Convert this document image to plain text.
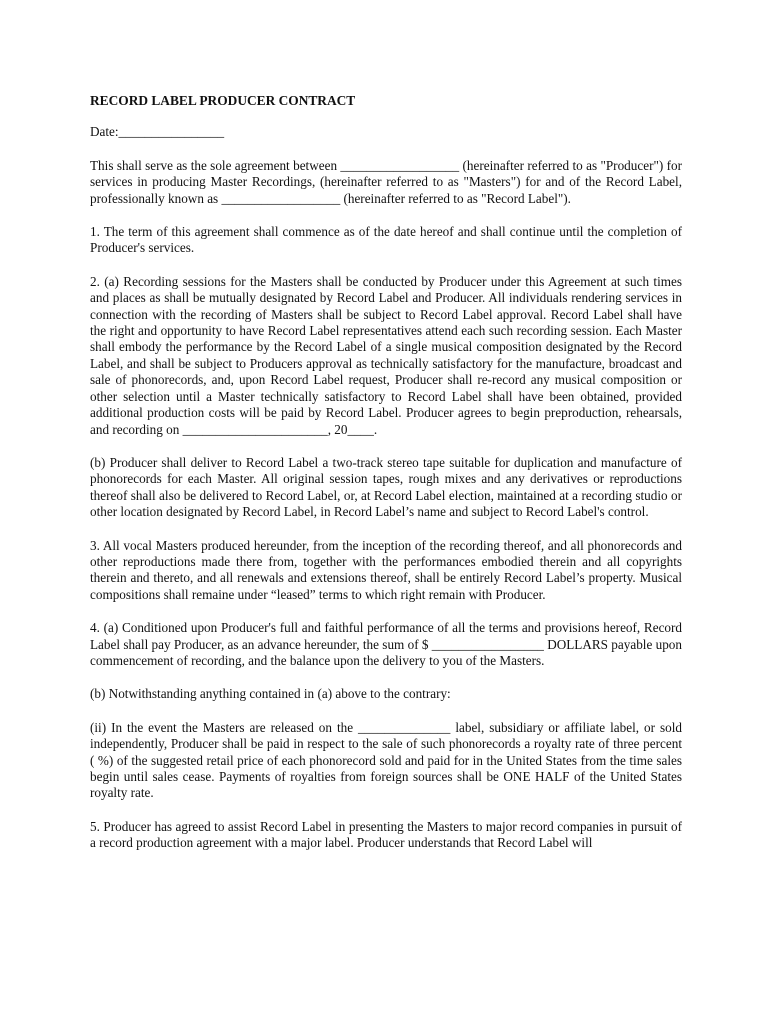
RECORD LABEL PRODUCER CONTRACT
Date:________________

This shall serve as the sole agreement between __________________ (hereinafter referred to as "Producer") for services in producing Master Recordings, (hereinafter referred to as "Masters") for and of the Record Label, professionally known as __________________ (hereinafter referred to as "Record Label").

1. The term of this agreement shall commence as of the date hereof and shall continue until the completion of Producer's services.

2. (a) Recording sessions for the Masters shall be conducted by Producer under this Agreement at such times and places as shall be mutually designated by Record Label and Producer. All individuals rendering services in connection with the recording of Masters shall be subject to Record Label approval. Record Label shall have the right and opportunity to have Record Label representatives attend each such recording session. Each Master shall embody the performance by the Record Label of a single musical composition designated by the Record Label, and shall be subject to Producers approval as technically satisfactory for the manufacture, broadcast and sale of phonorecords, and, upon Record Label request, Producer shall re-record any musical composition or other selection until a Master technically satisfactory to Record Label shall have been obtained, provided additional production costs will be paid by Record Label. Producer agrees to begin preproduction, rehearsals, and recording on ______________________, 20____.

(b) Producer shall deliver to Record Label a two-track stereo tape suitable for duplication and manufacture of phonorecords for each Master. All original session tapes, rough mixes and any derivatives or reproductions thereof shall also be delivered to Record Label, or, at Record Label election, maintained at a recording studio or other location designated by Record Label, in Record Label’s name and subject to Record Label's control.

3. All vocal Masters produced hereunder, from the inception of the recording thereof, and all phonorecords and other reproductions made there from, together with the performances embodied therein and all copyrights therein and thereto, and all renewals and extensions thereof, shall be entirely Record Label’s property. Musical compositions shall remaine under “leased” terms to which right remain with Producer.

4. (a) Conditioned upon Producer's full and faithful performance of all the terms and provisions hereof, Record Label shall pay Producer, as an advance hereunder, the sum of $ _________________ DOLLARS payable upon commencement of recording, and the balance upon the delivery to you of the Masters.

(b) Notwithstanding anything contained in (a) above to the contrary:

(ii) In the event the Masters are released on the ______________ label, subsidiary or affiliate label, or sold independently, Producer shall be paid in respect to the sale of such phonorecords a royalty rate of three percent ( %) of the suggested retail price of each phonorecord sold and paid for in the United States from the time sales begin until sales cease. Payments of royalties from foreign sources shall be ONE HALF of the United States royalty rate.

5. Producer has agreed to assist Record Label in presenting the Masters to major record companies in pursuit of a record production agreement with a major label. Producer understands that Record Label will
